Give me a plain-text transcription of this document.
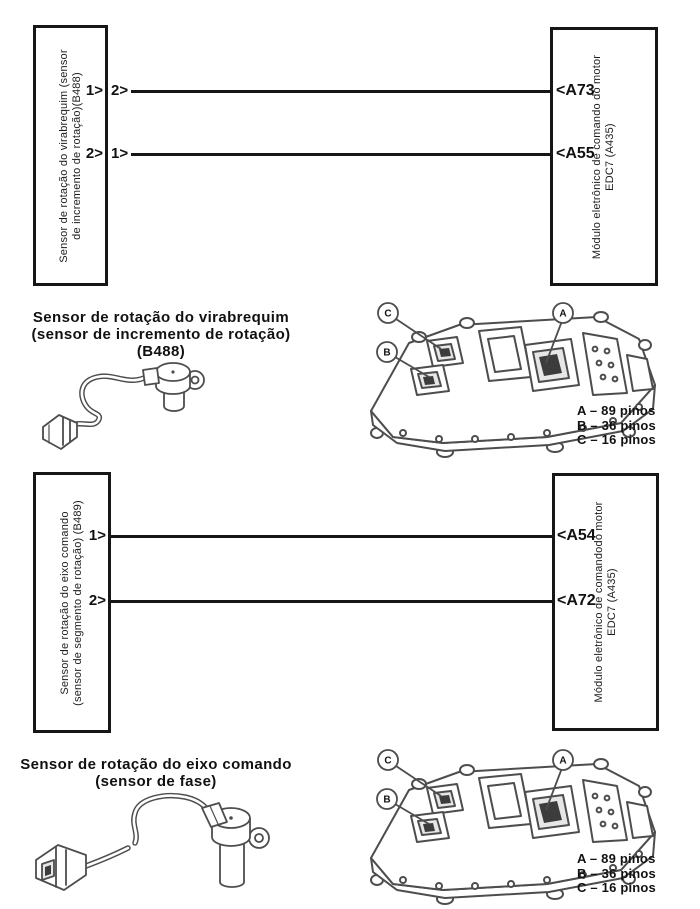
Sensor de rotação do virabrequim (sensor de incremento de rotação)(B488)	Módulo eletrônico de comando do motor EDC7 (A435)
1> 2>
2> 1>
<A73
<A55
Sensor de rotação do virabrequim
(sensor de incremento de rotação)
(B488)
C
B
A
A – 89 pinos
B – 36 pinos
C – 16 pinos
Sensor de rotação do eixo comando (sensor de segmento de rotação) (B489)	Módulo eletrônico de comandodo motor EDC7 (A435)
1>
2>
<A54
<A72
Sensor de rotação do eixo comando
(sensor de fase)
C
B
A
A – 89 pinos
B – 36 pinos
C – 16 pinos
